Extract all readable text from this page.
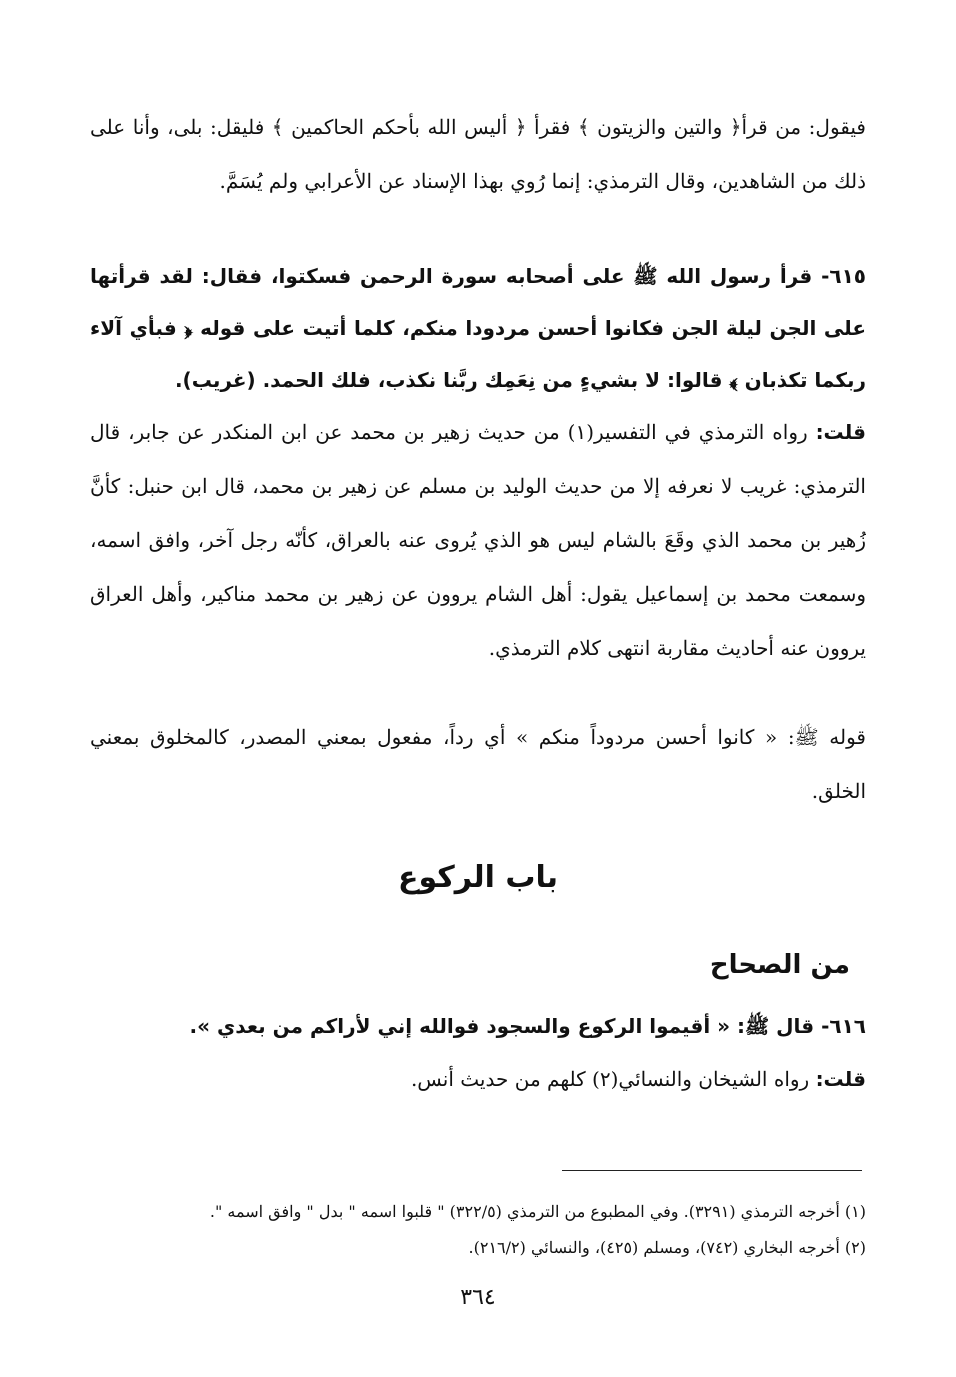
فيقول: من قرأ﴿ والتين والزيتون ﴾ فقرأ ﴿ أليس الله بأحكم الحاكمين ﴾ فليقل: بلى، وأنا على ذلك من الشاهدين، وقال الترمذي: إنما رُوي بهذا الإسناد عن الأعرابي ولم يُسَمَّ.
٦١٥- قرأ رسول الله ﷺ على أصحابه سورة الرحمن فسكتوا، فقال: لقد قرأتها على الجن ليلة الجن فكانوا أحسن مردودا منكم، كلما أتيت على قوله ﴿ فبأي آلاء ربكما تكذبان ﴾ قالوا: لا بشيءٍ من نِعَمِك ربَّنا نكذب، فلك الحمد. (غريب).
قلت: رواه الترمذي في التفسير(١) من حديث زهير بن محمد عن ابن المنكدر عن جابر، قال الترمذي: غريب لا نعرفه إلا من حديث الوليد بن مسلم عن زهير بن محمد، قال ابن حنبل: كأنَّ زُهير بن محمد الذي وقَعَ بالشام ليس هو الذي يُروى عنه بالعراق، كأنّه رجل آخر، وافق اسمه، وسمعت محمد بن إسماعيل يقول: أهل الشام يروون عن زهير بن محمد مناكير، وأهل العراق يروون عنه أحاديث مقاربة انتهى كلام الترمذي.
قوله ﷺ: « كانوا أحسن مردوداً منكم » أي رداً، مفعول بمعني المصدر، كالمخلوق بمعني الخلق.
باب الركوع
من الصحاح
٦١٦- قال ﷺ: « أقيموا الركوع والسجود فوالله إني لأراكم من بعدي ».
قلت: رواه الشيخان والنسائي(٢) كلهم من حديث أنس.
(١) أخرجه الترمذي (٣٢٩١). وفي المطبوع من الترمذي (٣٢٢/٥) " قلبوا اسمه " بدل " وافق اسمه ".
(٢) أخرجه البخاري (٧٤٢)، ومسلم (٤٢٥)، والنسائي (٢١٦/٢).
٣٦٤
